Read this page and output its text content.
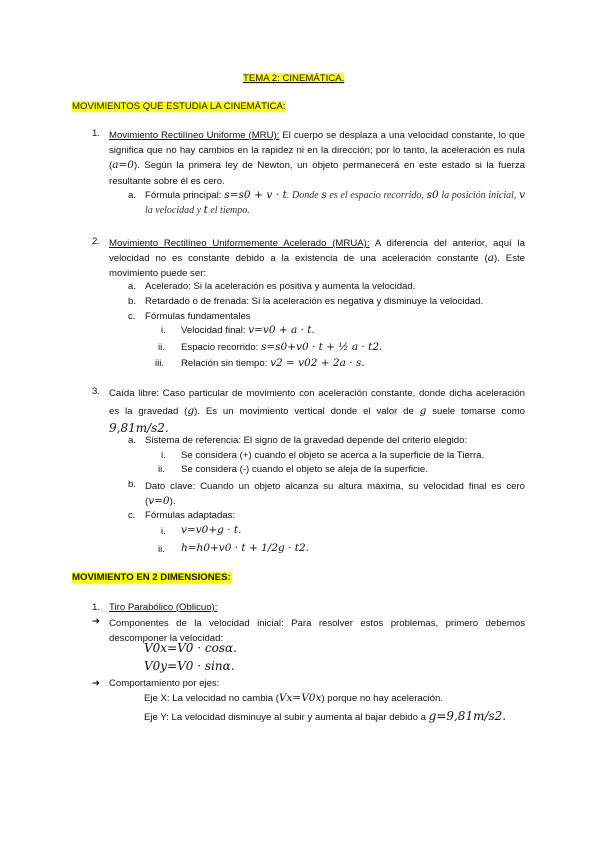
TEMA 2: CINEMÁTICA.
MOVIMIENTOS QUE ESTUDIA LA CINEMÁTICA:
1. Movimiento Rectilíneo Uniforme (MRU): El cuerpo se desplaza a una velocidad constante, lo que significa que no hay cambios en la rapidez ni en la dirección; por lo tanto, la aceleración es nula (a=0). Según la primera ley de Newton, un objeto permanecerá en este estado si la fuerza resultante sobre él es cero.
a. Fórmula principal: s=s0 + v · t. Donde s es el espacio recorrido, s0 la posición inicial, v la velocidad y t el tiempo.
2. Movimiento Rectilíneo Uniformemente Acelerado (MRUA): A diferencia del anterior, aquí la velocidad no es constante debido a la existencia de una aceleración constante (a). Este movimiento puede ser:
a. Acelerado: Si la aceleración es positiva y aumenta la velocidad.
b. Retardado o de frenada: Si la aceleración es negativa y disminuye la velocidad.
c. Fórmulas fundamentales
i. Velocidad final: v=v0 + a · t.
ii. Espacio recorrido: s=s0+v0 · t + ½ a · t2.
iii. Relación sin tiempo: v2 = v02 + 2a · s.
3. Caída libre: Caso particular de movimiento con aceleración constante, donde dicha aceleración es la gravedad (g). Es un movimiento vertical donde el valor de g suele tomarse como 9,81m/s2.
a. Sistema de referencia: El signo de la gravedad depende del criterio elegido:
i. Se considera (+) cuando el objeto se acerca a la superficie de la Tierra.
ii. Se considera (-) cuando el objeto se aleja de la superficie.
b. Dato clave: Cuando un objeto alcanza su altura máxima, su velocidad final es cero (v=0).
c. Fórmulas adaptadas:
i. v=v0+g · t.
ii. h=h0+v0 · t + 1/2g · t2.
MOVIMIENTO EN 2 DIMENSIONES:
1. Tiro Parabólico (Oblicuo):
➔ Componentes de la velocidad inicial: Para resolver estos problemas, primero debemos descomponer la velocidad:
V0x=V0 · cosα.
V0y=V0 · sinα.
➔ Comportamiento por ejes:
Eje X: La velocidad no cambia (Vx=V0x) porque no hay aceleración.
Eje Y: La velocidad disminuye al subir y aumenta al bajar debido a g=9,81m/s2.
